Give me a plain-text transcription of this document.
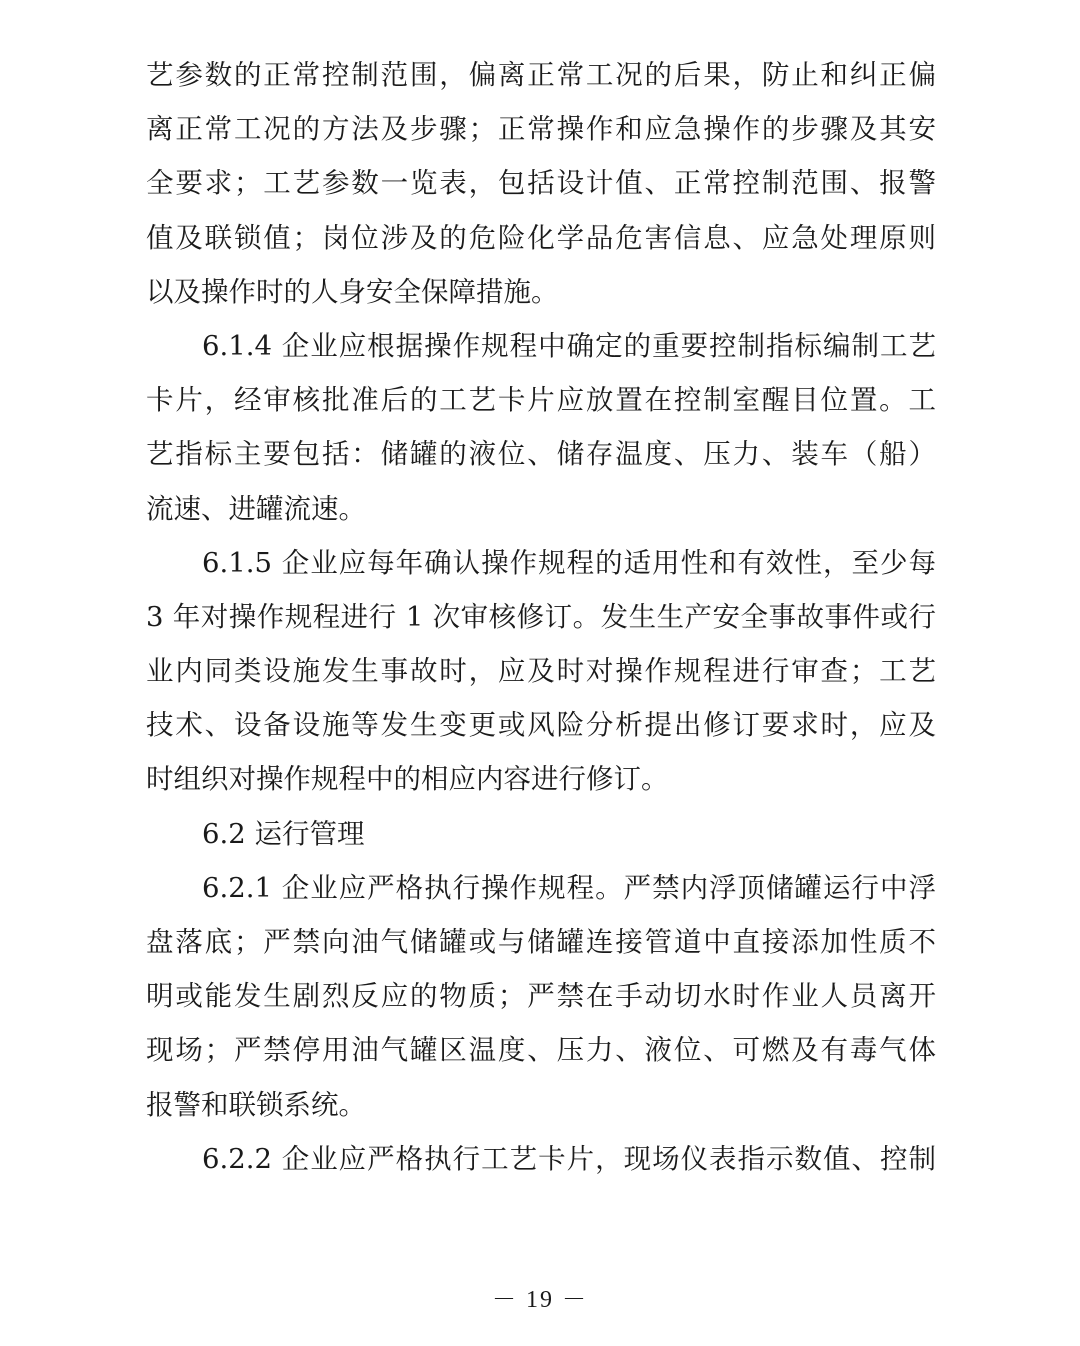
艺参数的正常控制范围，偏离正常工况的后果，防止和纠正偏
离正常工况的方法及步骤；正常操作和应急操作的步骤及其安
全要求；工艺参数一览表，包括设计值、正常控制范围、报警
值及联锁值；岗位涉及的危险化学品危害信息、应急处理原则
以及操作时的人身安全保障措施。
6.1.4 企业应根据操作规程中确定的重要控制指标编制工艺
卡片，经审核批准后的工艺卡片应放置在控制室醒目位置。工
艺指标主要包括：储罐的液位、储存温度、压力、装车（船）
流速、进罐流速。
6.1.5 企业应每年确认操作规程的适用性和有效性，至少每
3 年对操作规程进行 1 次审核修订。发生生产安全事故事件或行
业内同类设施发生事故时，应及时对操作规程进行审查；工艺
技术、设备设施等发生变更或风险分析提出修订要求时，应及
时组织对操作规程中的相应内容进行修订。
6.2 运行管理
6.2.1 企业应严格执行操作规程。严禁内浮顶储罐运行中浮
盘落底；严禁向油气储罐或与储罐连接管道中直接添加性质不
明或能发生剧烈反应的物质；严禁在手动切水时作业人员离开
现场；严禁停用油气罐区温度、压力、液位、可燃及有毒气体
报警和联锁系统。
6.2.2 企业应严格执行工艺卡片，现场仪表指示数值、控制
－ 19 －
